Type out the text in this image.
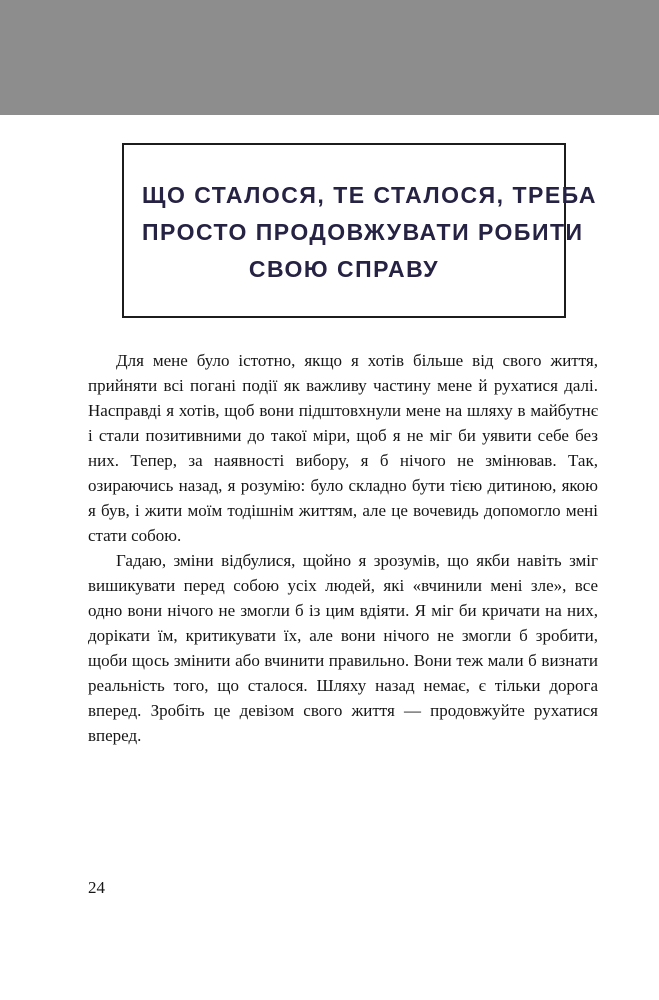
ЩО СТАЛОСЯ, ТЕ СТАЛОСЯ, ТРЕБА
ПРОСТО ПРОДОВЖУВАТИ РОБИТИ
СВОЮ СПРАВУ

Для мене було істотно, якщо я хотів більше від свого життя, прийняти всі погані події як важливу частину мене й рухатися далі. Насправді я хотів, щоб вони підштовхнули мене на шляху в майбутнє і стали позитивними до такої міри, щоб я не міг би уявити себе без них. Тепер, за наявності вибору, я б нічого не змінював. Так, озираючись назад, я розумію: було складно бути тією дитиною, якою я був, і жити моїм тодішнім життям, але це вочевидь допомогло мені стати собою.

Гадаю, зміни відбулися, щойно я зрозумів, що якби навіть зміг вишикувати перед собою усіх людей, які «вчинили мені зле», все одно вони нічого не змогли б із цим вдіяти. Я міг би кричати на них, дорікати їм, критикувати їх, але вони нічого не змогли б зробити, щоби щось змінити або вчинити правильно. Вони теж мали б визнати реальність того, що сталося. Шляху назад немає, є тільки дорога вперед. Зробіть це девізом свого життя — продовжуйте рухатися вперед.

24
